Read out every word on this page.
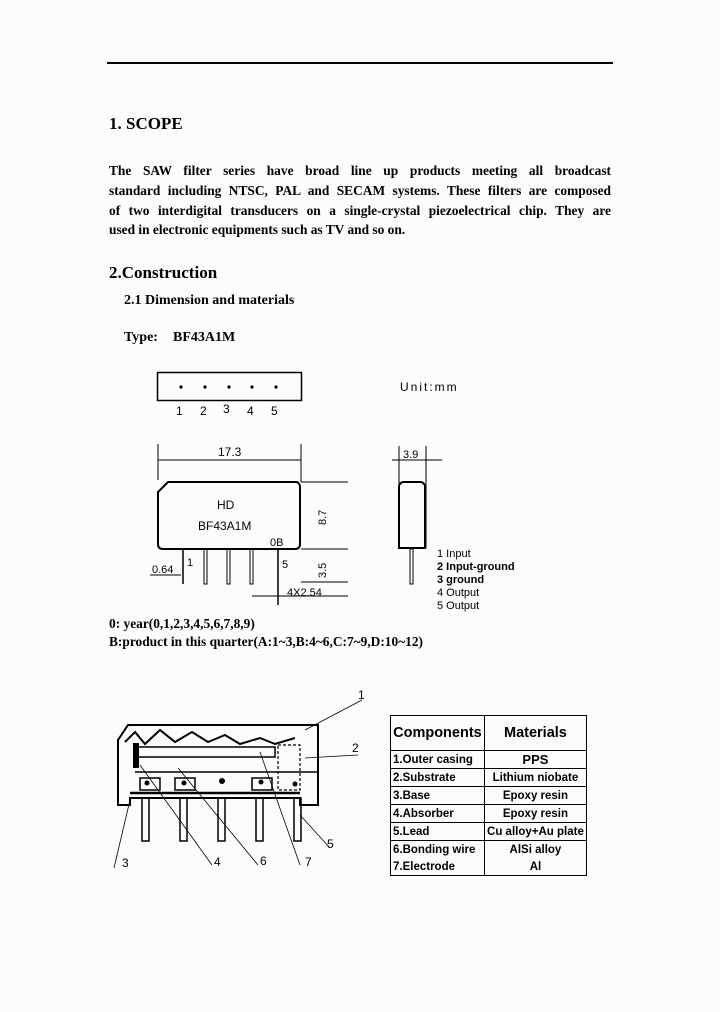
1. SCOPE
The SAW filter series have broad line up products meeting all broadcast
standard including NTSC, PAL and SECAM systems. These filters are composed
of two interdigital transducers on a single-crystal piezoelectrical chip. They are
used in electronic equipments such as TV and so on.
2.Construction
2.1 Dimension and materials
Type: BF43A1M
1 2 3 4 5
17.3
HD
BF43A1M
0B
0.64
1	5
4X2.54
3.9
8.7
3.5
Unit:mm
1 Input
2 Input-ground
3 ground
4 Output
5 Output
0: year(0,1,2,3,4,5,6,7,8,9)
B:product in this quarter(A:1~3,B:4~6,C:7~9,D:10~12)
1
2
3	4
5
6	7
Components	Materials
1.Outer casing	PPS
2.Substrate	Lithium niobate
3.Base	Epoxy resin
4.Absorber	Epoxy resin
5.Lead	Cu alloy+Au plate
6.Bonding wire	AlSi alloy
7.Electrode	Al
